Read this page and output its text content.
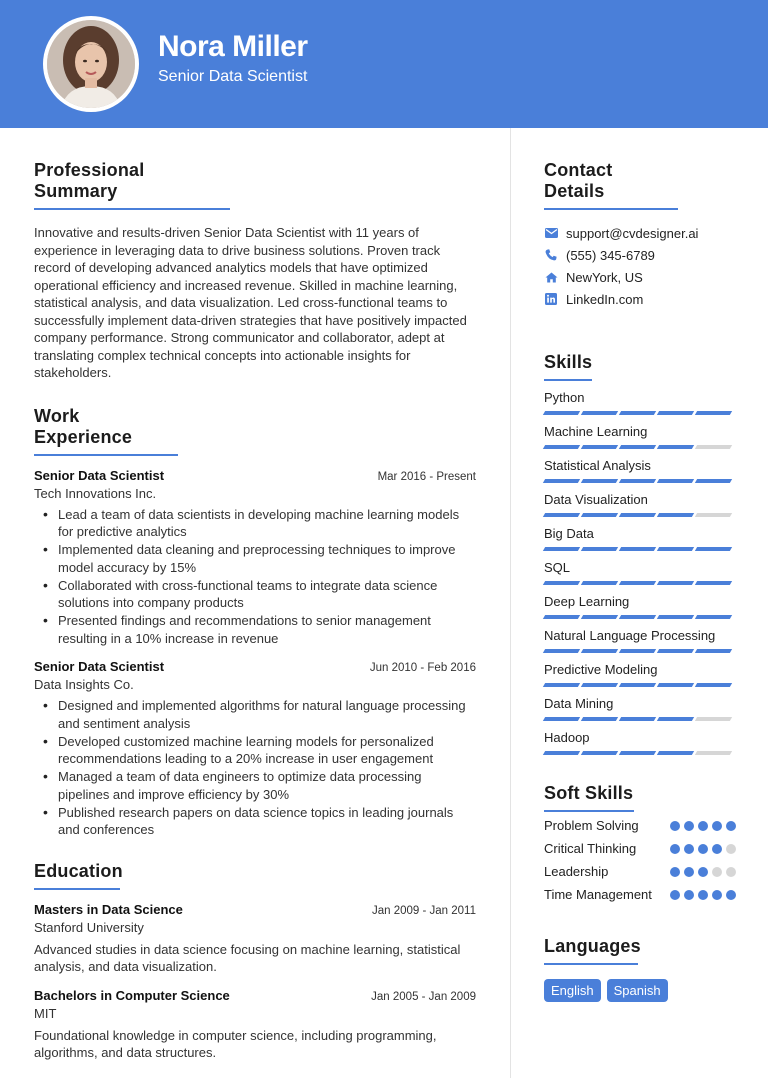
Nora Miller
Senior Data Scientist
Professional Summary

Innovative and results-driven Senior Data Scientist with 11 years of experience in leveraging data to drive business solutions. Proven track record of developing advanced analytics models that have optimized operational efficiency and increased revenue. Skilled in machine learning, statistical analysis, and data visualization. Led cross-functional teams to successfully implement data-driven strategies that have positively impacted company performance. Strong communicator and collaborator, adept at translating complex technical concepts into actionable insights for stakeholders.

Work Experience
Senior Data Scientist	Mar 2016 - Present
Tech Innovations Inc.
• Lead a team of data scientists in developing machine learning models for predictive analytics
• Implemented data cleaning and preprocessing techniques to improve model accuracy by 15%
• Collaborated with cross-functional teams to integrate data science solutions into company products
• Presented findings and recommendations to senior management resulting in a 10% increase in revenue
Senior Data Scientist	Jun 2010 - Feb 2016
Data Insights Co.
• Designed and implemented algorithms for natural language processing and sentiment analysis
• Developed customized machine learning models for personalized recommendations leading to a 20% increase in user engagement
• Managed a team of data engineers to optimize data processing pipelines and improve efficiency by 30%
• Published research papers on data science topics in leading journals and conferences
Education
Masters in Data Science	Jan 2009 - Jan 2011
Stanford University
Advanced studies in data science focusing on machine learning, statistical analysis, and data visualization.
Bachelors in Computer Science	Jan 2005 - Jan 2009
MIT
Foundational knowledge in computer science, including programming, algorithms, and data structures.
Contact Details
support@cvdesigner.ai
(555) 345-6789
NewYork, US
LinkedIn.com
Skills
Python
Machine Learning
Statistical Analysis
Data Visualization
Big Data
SQL
Deep Learning
Natural Language Processing
Predictive Modeling
Data Mining
Hadoop
Soft Skills
Problem Solving
Critical Thinking
Leadership
Time Management
Languages
English	Spanish
